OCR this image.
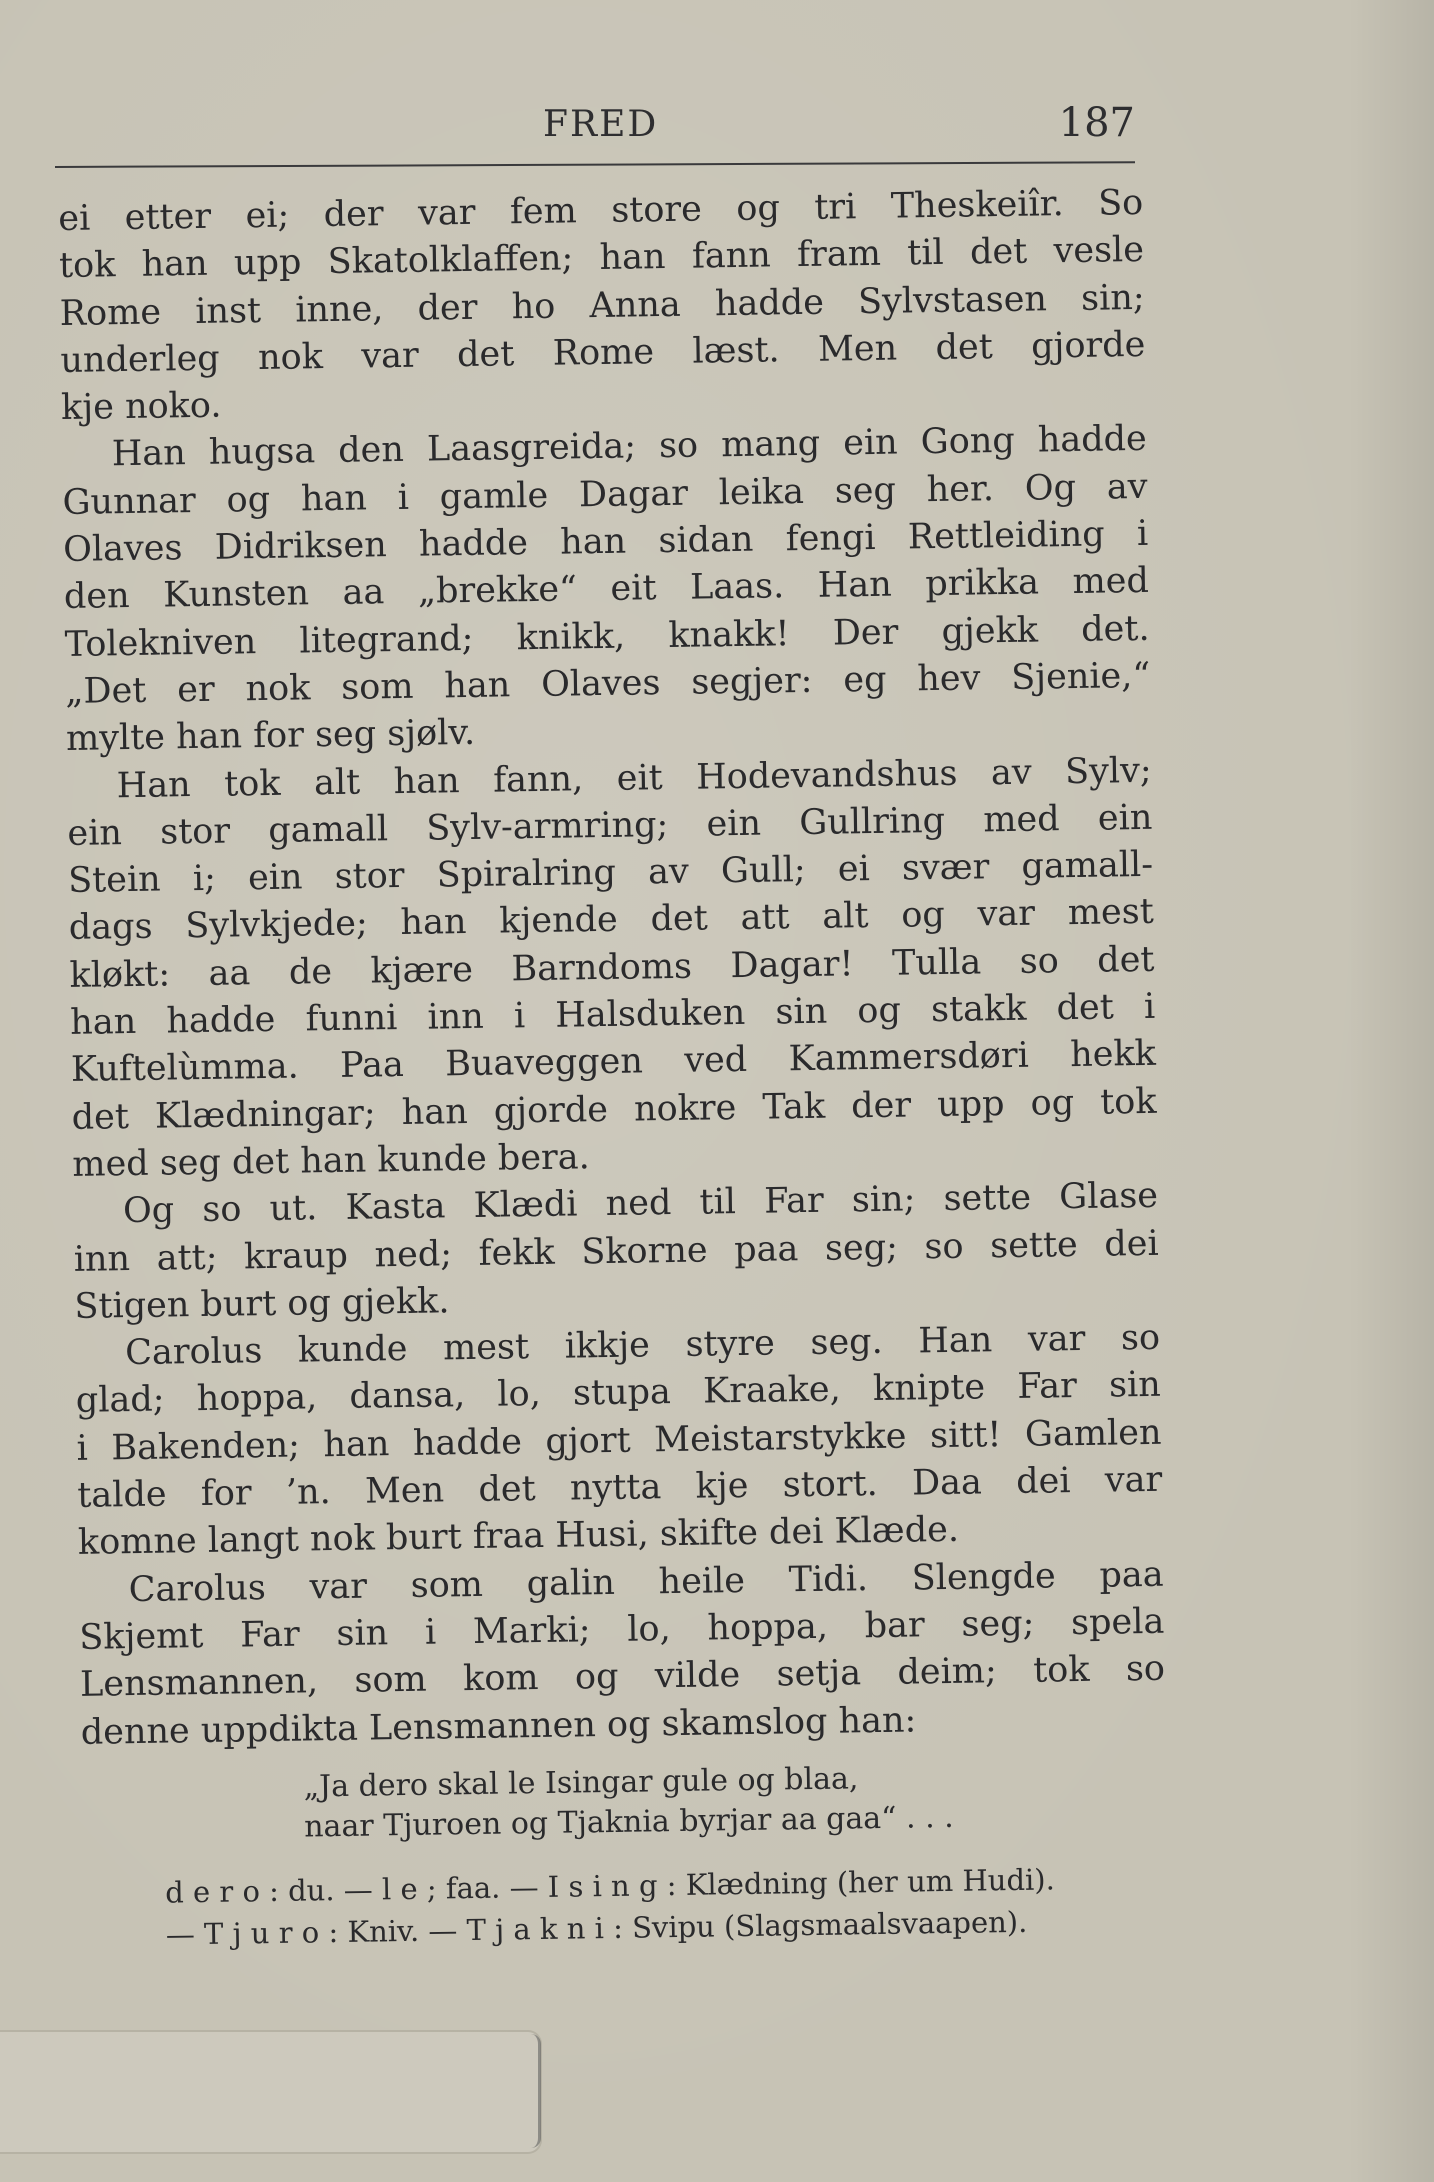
FRED	187
ei etter ei; der var fem store og tri Theskeiîr. So
tok han upp Skatolklaffen; han fann fram til det vesle
Rome inst inne, der ho Anna hadde Sylvstasen sin;
underleg nok var det Rome læst. Men det gjorde
kje noko.
Han hugsa den Laasgreida; so mang ein Gong hadde
Gunnar og han i gamle Dagar leika seg her. Og av
Olaves Didriksen hadde han sidan fengi Rettleiding i
den Kunsten aa „brekke“ eit Laas. Han prikka med
Tolekniven litegrand; knikk, knakk! Der gjekk det.
„Det er nok som han Olaves segjer: eg hev Sjenie,“
mylte han for seg sjølv.
Han tok alt han fann, eit Hodevandshus av Sylv;
ein stor gamall Sylv-armring; ein Gullring med ein
Stein i; ein stor Spiralring av Gull; ei svær gamall-
dags Sylvkjede; han kjende det att alt og var mest
kløkt: aa de kjære Barndoms Dagar! Tulla so det
han hadde funni inn i Halsduken sin og stakk det i
Kuftelùmma. Paa Buaveggen ved Kammersdøri hekk
det Klædningar; han gjorde nokre Tak der upp og tok
med seg det han kunde bera.
Og so ut. Kasta Klædi ned til Far sin; sette Glase
inn att; kraup ned; fekk Skorne paa seg; so sette dei
Stigen burt og gjekk.
Carolus kunde mest ikkje styre seg. Han var so
glad; hoppa, dansa, lo, stupa Kraake, knipte Far sin
i Bakenden; han hadde gjort Meistarstykke sitt! Gamlen
talde for ’n. Men det nytta kje stort. Daa dei var
komne langt nok burt fraa Husi, skifte dei Klæde.
Carolus var som galin heile Tidi. Slengde paa
Skjemt Far sin i Marki; lo, hoppa, bar seg; spela
Lensmannen, som kom og vilde setja deim; tok so
denne uppdikta Lensmannen og skamslog han:
„Ja dero skal le Isingar gule og blaa,
naar Tjuroen og Tjaknia byrjar aa gaa“ . . .
d e r o : du. — l e ; faa. — I s i n g : Klædning (her um Hudi).
— T j u r o : Kniv. — T j a k n i : Svipu (Slagsmaalsvaapen).
